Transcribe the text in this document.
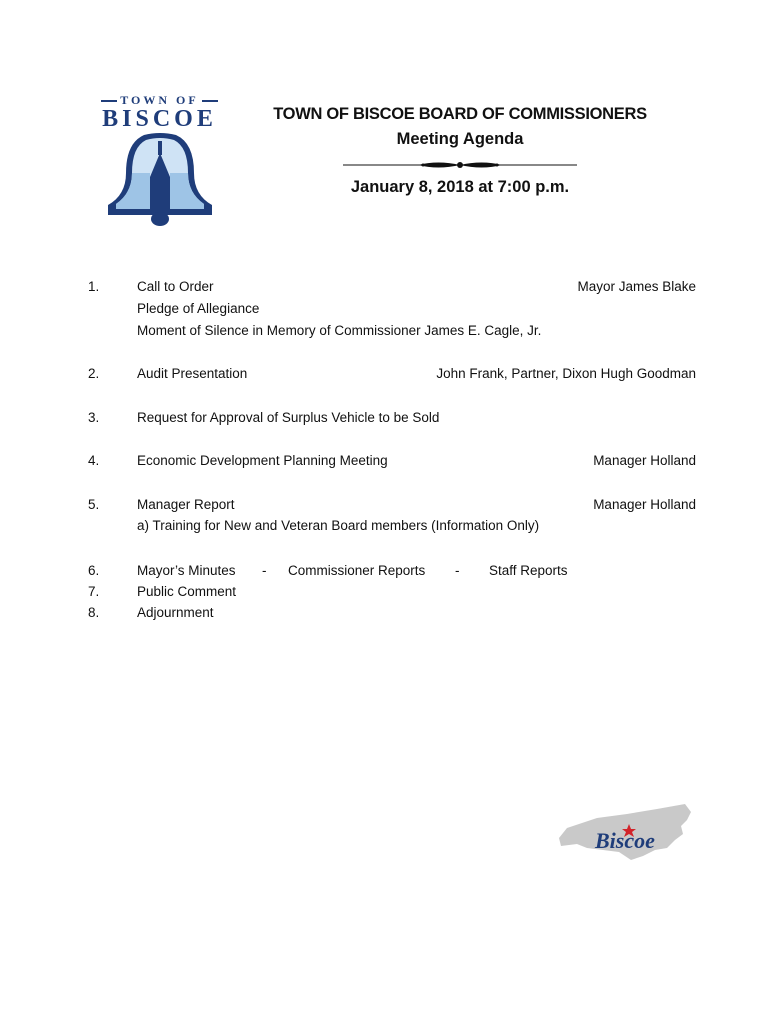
TOWN OF
BISCOE	TOWN OF BISCOE BOARD OF COMMISSIONERS
Meeting Agenda
January 8, 2018 at 7:00 p.m.
1.	Call to Order	Mayor James Blake
Pledge of Allegiance
Moment of Silence in Memory of Commissioner James E. Cagle, Jr.
2.	Audit Presentation	John Frank, Partner, Dixon Hugh Goodman
3.	Request for Approval of Surplus Vehicle to be Sold
4.	Economic Development Planning Meeting	Manager Holland
5.	Manager Report	Manager Holland
a) Training for New and Veteran Board members (Information Only)
6.	Mayor’s Minutes - Commissioner Reports - Staff Reports
7.	Public Comment
8.	Adjournment
Biscoe
